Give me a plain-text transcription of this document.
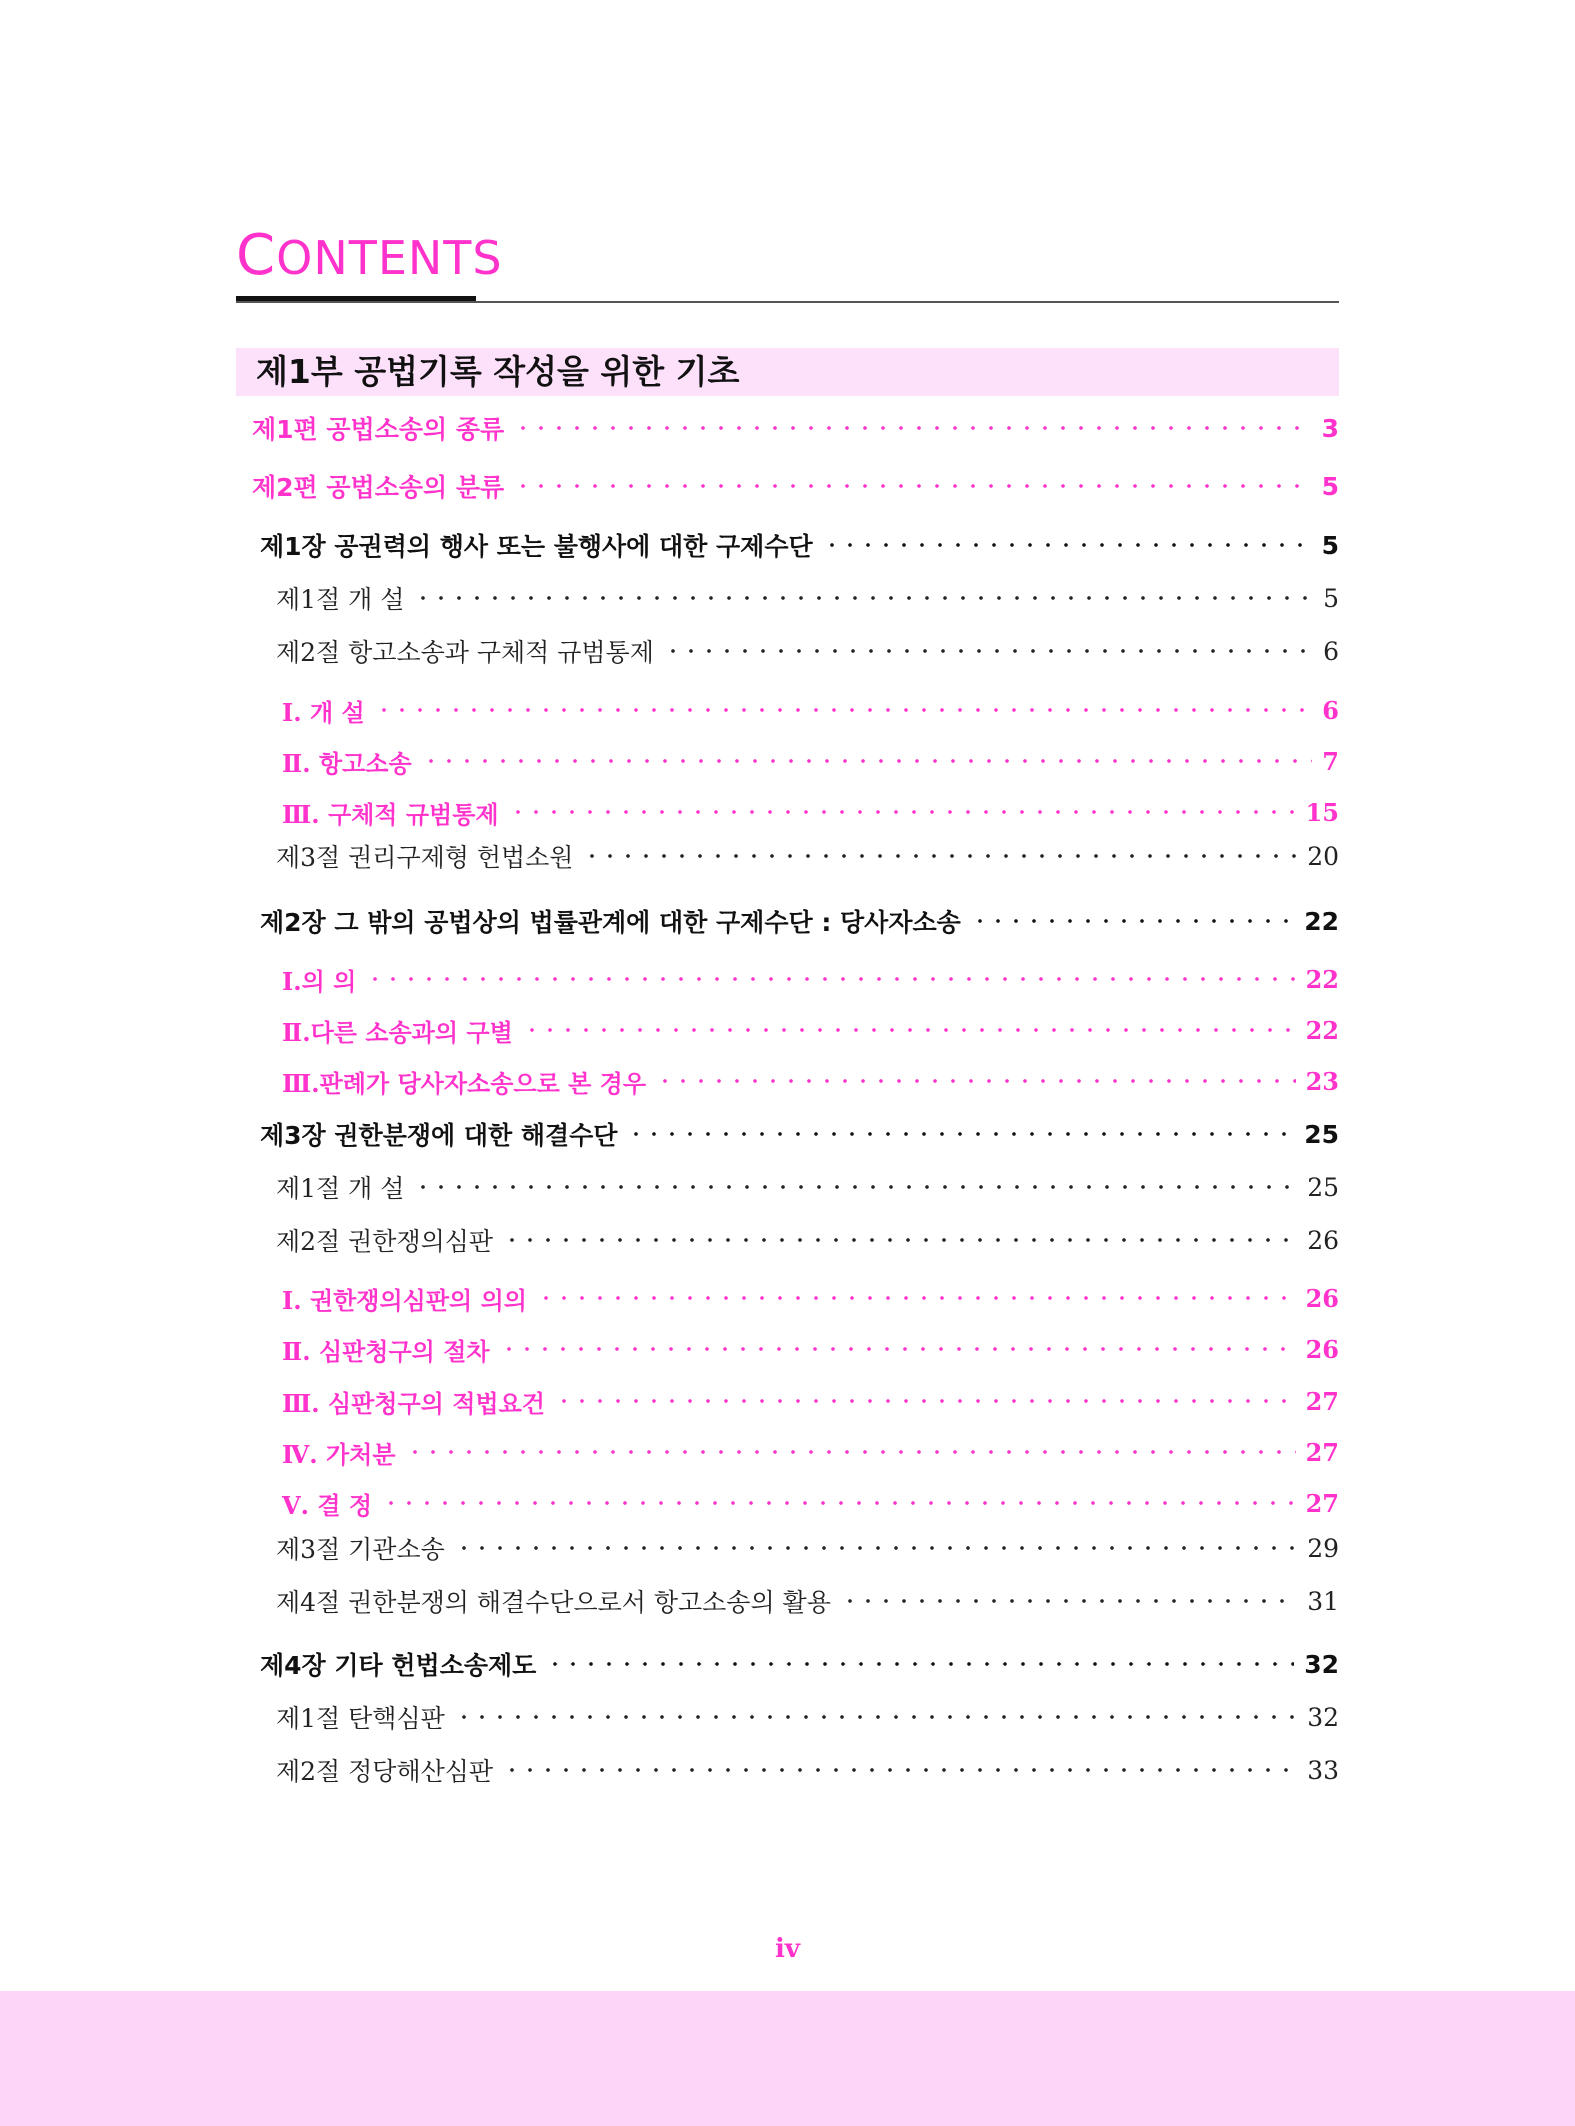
CONTENTS
제1부 공법기록 작성을 위한 기초
제1편 공법소송의 종류	3
제2편 공법소송의 분류	5
제1장 공권력의 행사 또는 불행사에 대한 구제수단	5
제1절 개 설	5
제2절 항고소송과 구체적 규범통제	6
Ⅰ. 개 설	6
Ⅱ. 항고소송	7
Ⅲ. 구체적 규범통제	15
제3절 권리구제형 헌법소원	20
제2장 그 밖의 공법상의 법률관계에 대한 구제수단 : 당사자소송	22
Ⅰ.의 의	22
Ⅱ.다른 소송과의 구별	22
Ⅲ.판례가 당사자소송으로 본 경우	23
제3장 권한분쟁에 대한 해결수단	25
제1절 개 설	25
제2절 권한쟁의심판	26
Ⅰ. 권한쟁의심판의 의의	26
Ⅱ. 심판청구의 절차	26
Ⅲ. 심판청구의 적법요건	27
Ⅳ. 가처분	27
Ⅴ. 결 정	27
제3절 기관소송	29
제4절 권한분쟁의 해결수단으로서 항고소송의 활용	31
제4장 기타 헌법소송제도	32
제1절 탄핵심판	32
제2절 정당해산심판	33
iv
